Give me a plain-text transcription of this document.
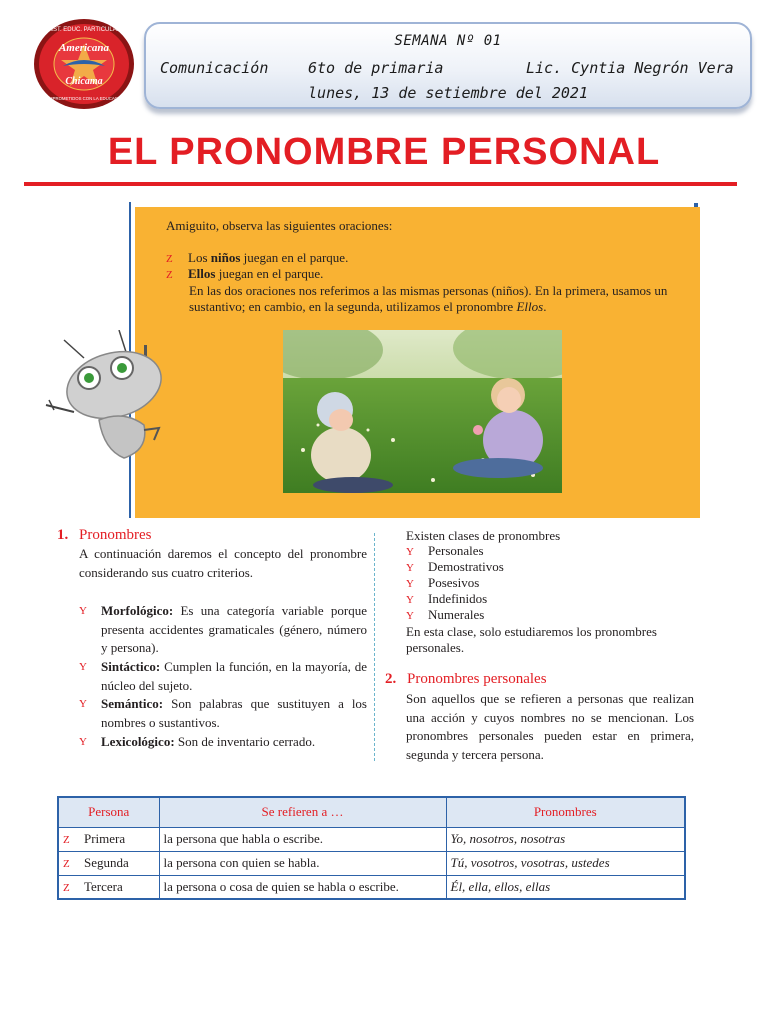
INST. EDUC. PARTICULAR
Americana
Chicama
COMPROMETIDOS CON LA EDUCACIÓN
SEMANA Nº 01
Comunicación	6to de primaria	Lic. Cyntia Negrón Vera
lunes, 13 de setiembre del 2021
EL PRONOMBRE PERSONAL
Amiguito, observa las siguientes oraciones:
Z Los niños juegan en el parque.
Z Ellos juegan en el parque.
En las dos oraciones nos referimos a las mismas personas (niños). En la primera, usamos un sustantivo; en cambio, en la segunda, utilizamos el pronombre Ellos.
1. Pronombres
A continuación daremos el concepto del pronombre considerando sus cuatro criterios.
Y	Morfológico: Es una categoría variable porque presenta accidentes gramaticales (género, número y persona).
Y	Sintáctico: Cumplen la función, en la mayoría, de núcleo del sujeto.
Y	Semántico: Son palabras que sustituyen a los nombres o sustantivos.
Y	Lexicológico: Son de inventario cerrado.
Existen clases de pronombres
Y Personales
Y Demostrativos
Y Posesivos
Y Indefinidos
Y Numerales
En esta clase, solo estudiaremos los pronombres personales.
2. Pronombres personales
Son aquellos que se refieren a personas que realizan una acción y cuyos nombres no se mencionan. Los pronombres personales pueden estar en primera, segunda y tercera persona.
Persona	Se refieren a …	Pronombres

Z Primera	la persona que habla o escribe.	Yo, nosotros, nosotras

Z Segunda	la persona con quien se habla.	Tú, vosotros, vosotras, ustedes

Z Tercera	la persona o cosa de quien se habla o escribe.	Él, ella, ellos, ellas
